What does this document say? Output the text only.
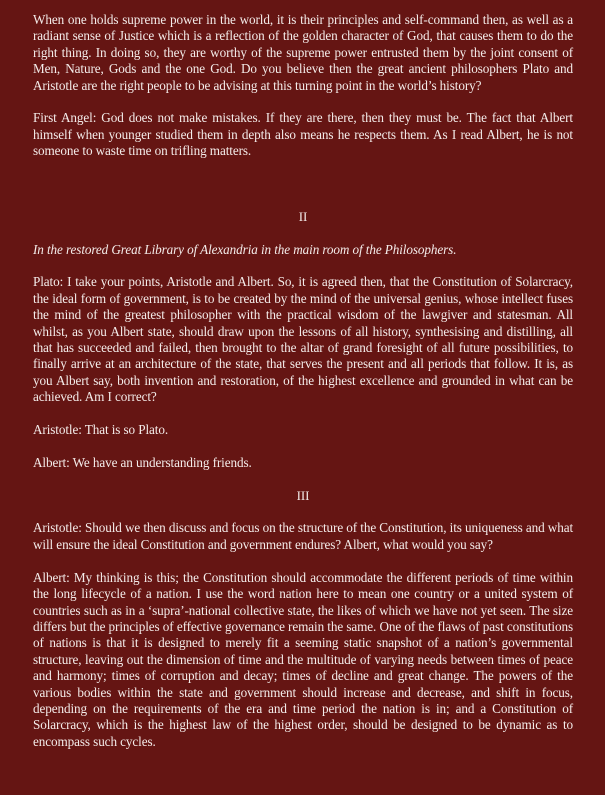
When one holds supreme power in the world, it is their principles and self-command then, as well as a radiant sense of Justice which is a reflection of the golden character of God, that causes them to do the right thing. In doing so, they are worthy of the supreme power entrusted them by the joint consent of Men, Nature, Gods and the one God. Do you believe then the great ancient philosophers Plato and Aristotle are the right people to be advising at this turning point in the world’s history?

First Angel: God does not make mistakes. If they are there, then they must be. The fact that Albert himself when younger studied them in depth also means he respects them. As I read Albert, he is not someone to waste time on trifling matters.

II

In the restored Great Library of Alexandria in the main room of the Philosophers.

Plato: I take your points, Aristotle and Albert. So, it is agreed then, that the Constitution of Solarcracy, the ideal form of government, is to be created by the mind of the universal genius, whose intellect fuses the mind of the greatest philosopher with the practical wisdom of the lawgiver and statesman. All whilst, as you Albert state, should draw upon the lessons of all history, synthesising and distilling, all that has succeeded and failed, then brought to the altar of grand foresight of all future possibilities, to finally arrive at an architecture of the state, that serves the present and all periods that follow. It is, as you Albert say, both invention and restoration, of the highest excellence and grounded in what can be achieved. Am I correct?

Aristotle: That is so Plato.

Albert: We have an understanding friends.

III

Aristotle: Should we then discuss and focus on the structure of the Constitution, its uniqueness and what will ensure the ideal Constitution and government endures? Albert, what would you say?

Albert: My thinking is this; the Constitution should accommodate the different periods of time within the long lifecycle of a nation. I use the word nation here to mean one country or a united system of countries such as in a ‘supra’-national collective state, the likes of which we have not yet seen. The size differs but the principles of effective governance remain the same. One of the flaws of past constitutions of nations is that it is designed to merely fit a seeming static snapshot of a nation’s governmental structure, leaving out the dimension of time and the multitude of varying needs between times of peace and harmony; times of corruption and decay; times of decline and great change. The powers of the various bodies within the state and government should increase and decrease, and shift in focus, depending on the requirements of the era and time period the nation is in; and a Constitution of Solarcracy, which is the highest law of the highest order, should be designed to be dynamic as to encompass such cycles.
